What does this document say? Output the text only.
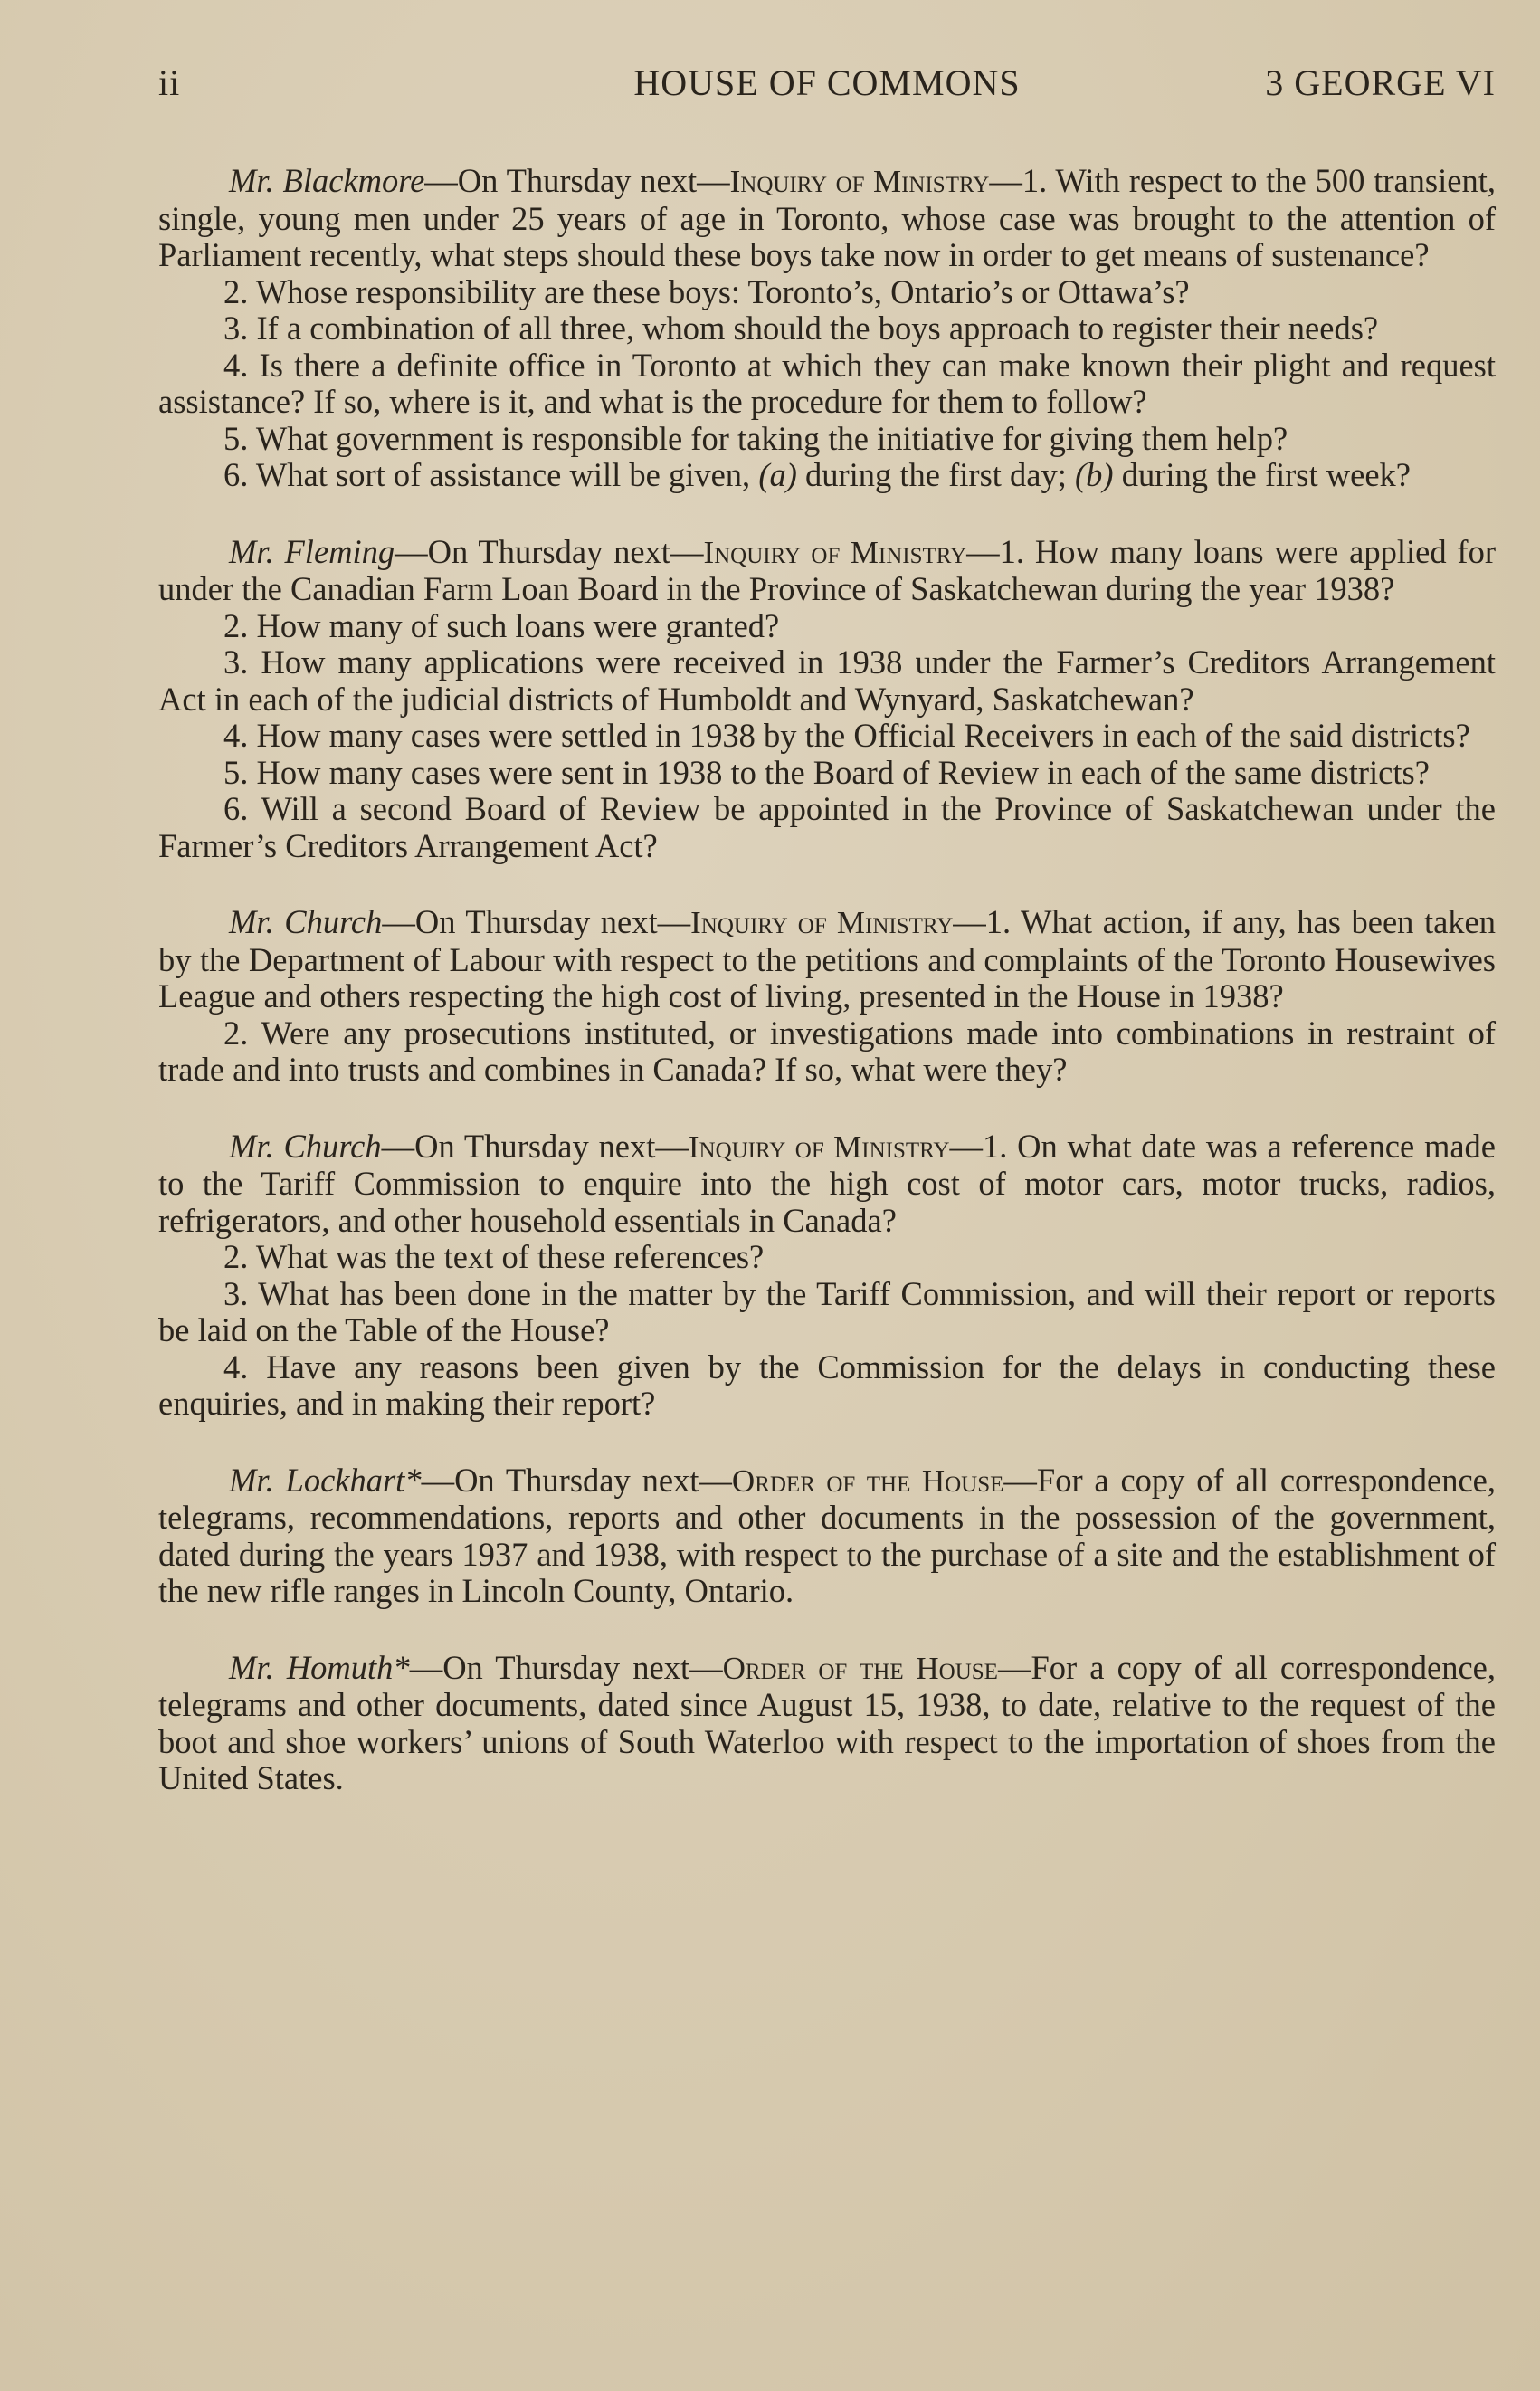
ii	HOUSE OF COMMONS	3 GEORGE VI

Mr. Blackmore—On Thursday next—Inquiry of Ministry—1. With respect to the 500 transient, single, young men under 25 years of age in Toronto, whose case was brought to the attention of Parliament recently, what steps should these boys take now in order to get means of sustenance?

2. Whose responsibility are these boys: Toronto’s, Ontario’s or Ottawa’s?

3. If a combination of all three, whom should the boys approach to register their needs?

4. Is there a definite office in Toronto at which they can make known their plight and request assistance? If so, where is it, and what is the procedure for them to follow?

5. What government is responsible for taking the initiative for giving them help?

6. What sort of assistance will be given, (a) during the first day; (b) during the first week?

Mr. Fleming—On Thursday next—Inquiry of Ministry—1. How many loans were applied for under the Canadian Farm Loan Board in the Province of Saskatchewan during the year 1938?

2. How many of such loans were granted?

3. How many applications were received in 1938 under the Farmer’s Creditors Arrangement Act in each of the judicial districts of Humboldt and Wynyard, Saskatchewan?

4. How many cases were settled in 1938 by the Official Receivers in each of the said districts?

5. How many cases were sent in 1938 to the Board of Review in each of the same districts?

6. Will a second Board of Review be appointed in the Province of Saskatchewan under the Farmer’s Creditors Arrangement Act?

Mr. Church—On Thursday next—Inquiry of Ministry—1. What action, if any, has been taken by the Department of Labour with respect to the petitions and complaints of the Toronto Housewives League and others respecting the high cost of living, presented in the House in 1938?

2. Were any prosecutions instituted, or investigations made into combinations in restraint of trade and into trusts and combines in Canada? If so, what were they?

Mr. Church—On Thursday next—Inquiry of Ministry—1. On what date was a reference made to the Tariff Commission to enquire into the high cost of motor cars, motor trucks, radios, refrigerators, and other household essentials in Canada?

2. What was the text of these references?

3. What has been done in the matter by the Tariff Commission, and will their report or reports be laid on the Table of the House?

4. Have any reasons been given by the Commission for the delays in conducting these enquiries, and in making their report?

Mr. Lockhart*—On Thursday next—Order of the House—For a copy of all correspondence, telegrams, recommendations, reports and other documents in the possession of the government, dated during the years 1937 and 1938, with respect to the purchase of a site and the establishment of the new rifle ranges in Lincoln County, Ontario.

Mr. Homuth*—On Thursday next—Order of the House—For a copy of all correspondence, telegrams and other documents, dated since August 15, 1938, to date, relative to the request of the boot and shoe workers’ unions of South Waterloo with respect to the importation of shoes from the United States.
